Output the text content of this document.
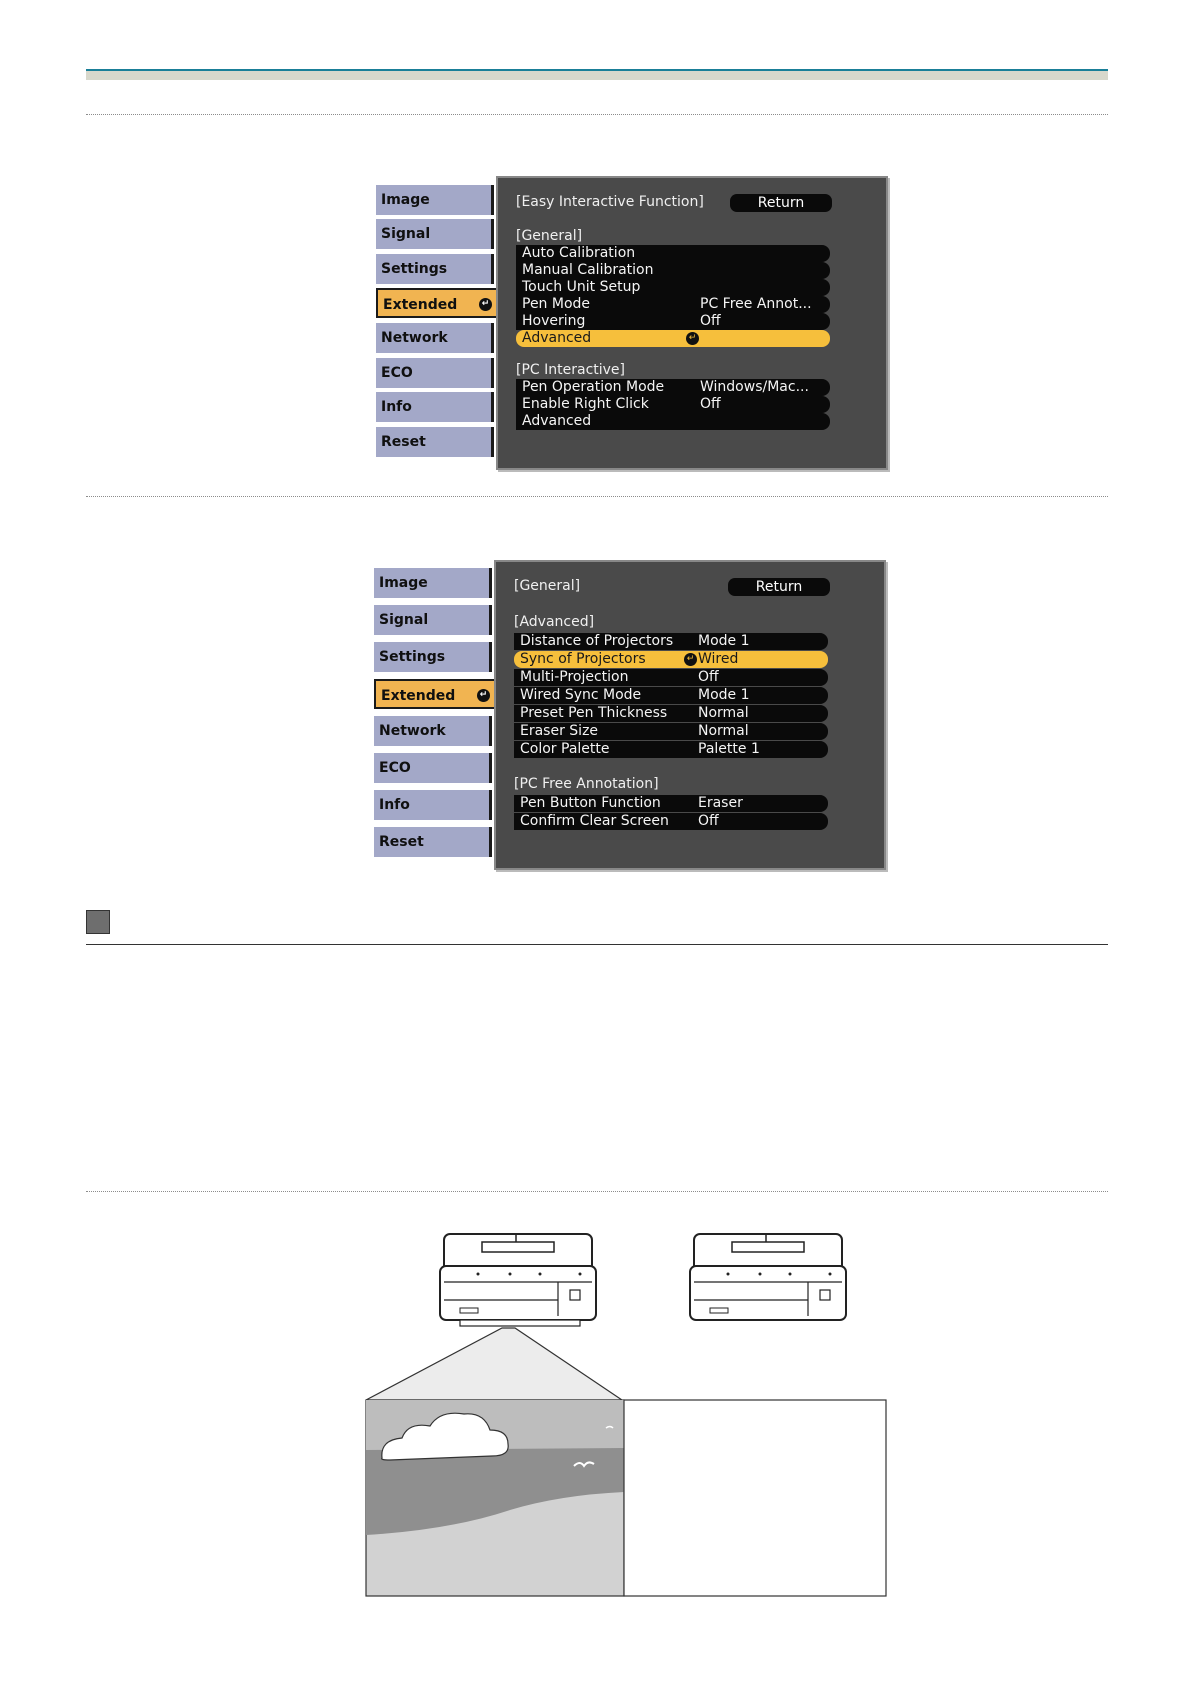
Image
Signal
Settings
Extended	↵
Network
ECO
Info
Reset
[Easy Interactive Function]	Return
[General]
Auto Calibration
Manual Calibration
Touch Unit Setup
Pen Mode	PC Free Annot...
Hovering	Off
Advanced	↵
[PC Interactive]
Pen Operation Mode	Windows/Mac...
Enable Right Click	Off
Advanced
Image
Signal
Settings
Extended	↵
Network
ECO
Info
Reset
[General]	Return
[Advanced]
Distance of Projectors Mode 1
Sync of Projectors	↵ Wired
Multi-Projection	Off
Wired Sync Mode	Mode 1
Preset Pen Thickness Normal
Eraser Size	Normal
Color Palette	Palette 1
[PC Free Annotation]
Pen Button Function	Eraser
Confirm Clear Screen Off
